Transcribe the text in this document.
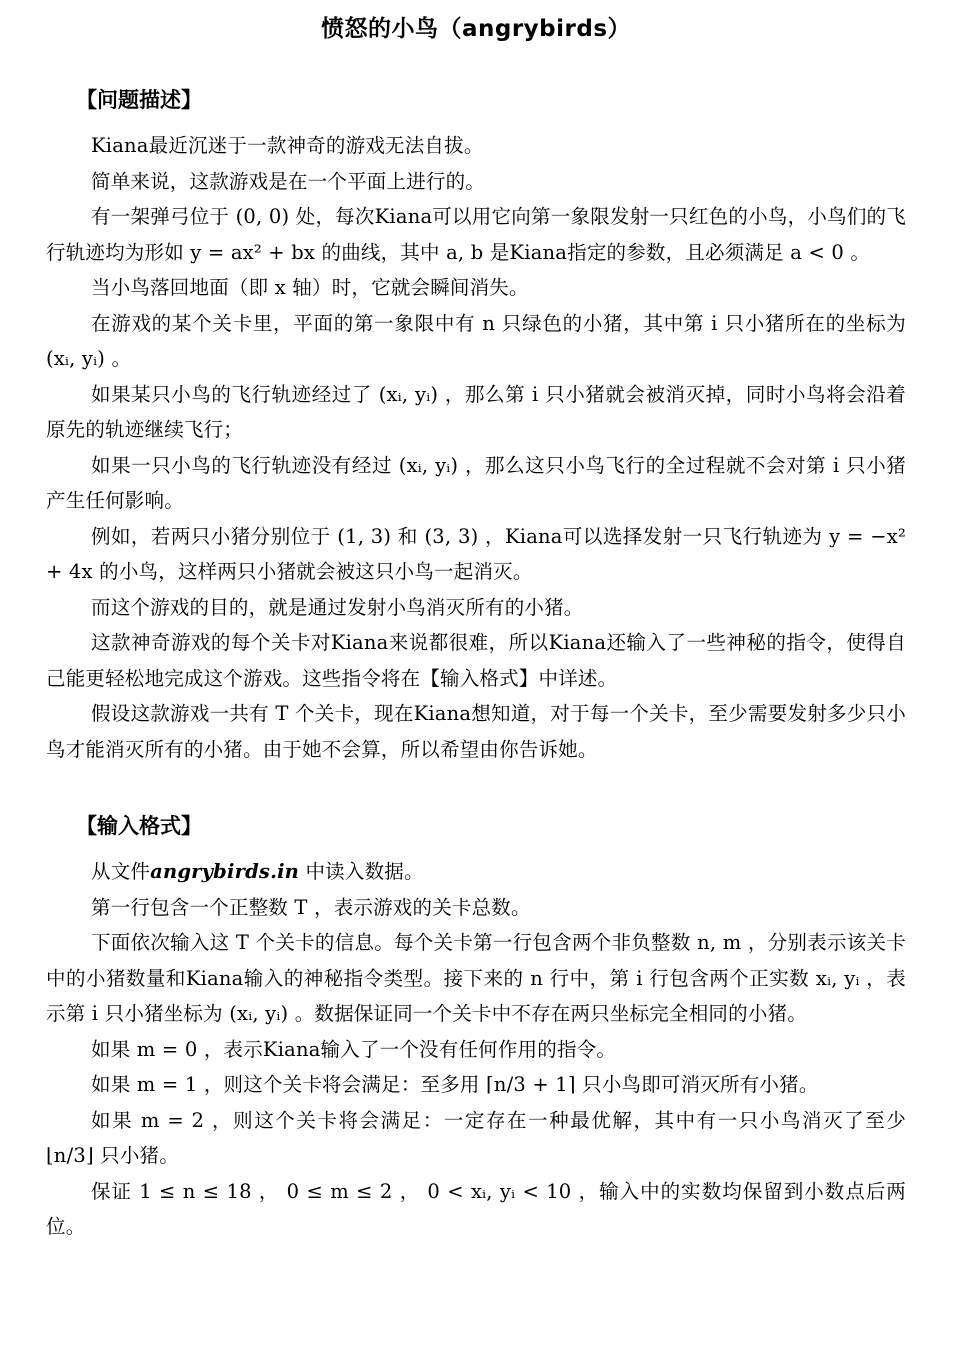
愤怒的小鸟（angrybirds）
【问题描述】

Kiana最近沉迷于一款神奇的游戏无法自拔。

简单来说，这款游戏是在一个平面上进行的。

有一架弹弓位于 (0, 0) 处，每次Kiana可以用它向第一象限发射一只红色的小鸟，小鸟们的飞行轨迹均为形如 y = ax² + bx 的曲线，其中 a, b 是Kiana指定的参数，且必须满足 a < 0 。

当小鸟落回地面（即 x 轴）时，它就会瞬间消失。

在游戏的某个关卡里，平面的第一象限中有 n 只绿色的小猪，其中第 i 只小猪所在的坐标为 (xᵢ, yᵢ) 。

如果某只小鸟的飞行轨迹经过了 (xᵢ, yᵢ) ，那么第 i 只小猪就会被消灭掉，同时小鸟将会沿着原先的轨迹继续飞行；

如果一只小鸟的飞行轨迹没有经过 (xᵢ, yᵢ) ，那么这只小鸟飞行的全过程就不会对第 i 只小猪产生任何影响。

例如，若两只小猪分别位于 (1, 3) 和 (3, 3) ，Kiana可以选择发射一只飞行轨迹为 y = −x² + 4x 的小鸟，这样两只小猪就会被这只小鸟一起消灭。

而这个游戏的目的，就是通过发射小鸟消灭所有的小猪。

这款神奇游戏的每个关卡对Kiana来说都很难，所以Kiana还输入了一些神秘的指令，使得自己能更轻松地完成这个游戏。这些指令将在【输入格式】中详述。

假设这款游戏一共有 T 个关卡，现在Kiana想知道，对于每一个关卡，至少需要发射多少只小鸟才能消灭所有的小猪。由于她不会算，所以希望由你告诉她。

【输入格式】

从文件angrybirds.in 中读入数据。

第一行包含一个正整数 T ，表示游戏的关卡总数。

下面依次输入这 T 个关卡的信息。每个关卡第一行包含两个非负整数 n, m ，分别表示该关卡中的小猪数量和Kiana输入的神秘指令类型。接下来的 n 行中，第 i 行包含两个正实数 xᵢ, yᵢ ，表示第 i 只小猪坐标为 (xᵢ, yᵢ) 。数据保证同一个关卡中不存在两只坐标完全相同的小猪。

如果 m = 0 ，表示Kiana输入了一个没有任何作用的指令。

如果 m = 1 ，则这个关卡将会满足：至多用 ⌈n/3 + 1⌉ 只小鸟即可消灭所有小猪。

如果 m = 2 ，则这个关卡将会满足：一定存在一种最优解，其中有一只小鸟消灭了至少 ⌊n/3⌋ 只小猪。

保证 1 ≤ n ≤ 18 ， 0 ≤ m ≤ 2 ， 0 < xᵢ, yᵢ < 10 ，输入中的实数均保留到小数点后两位。
